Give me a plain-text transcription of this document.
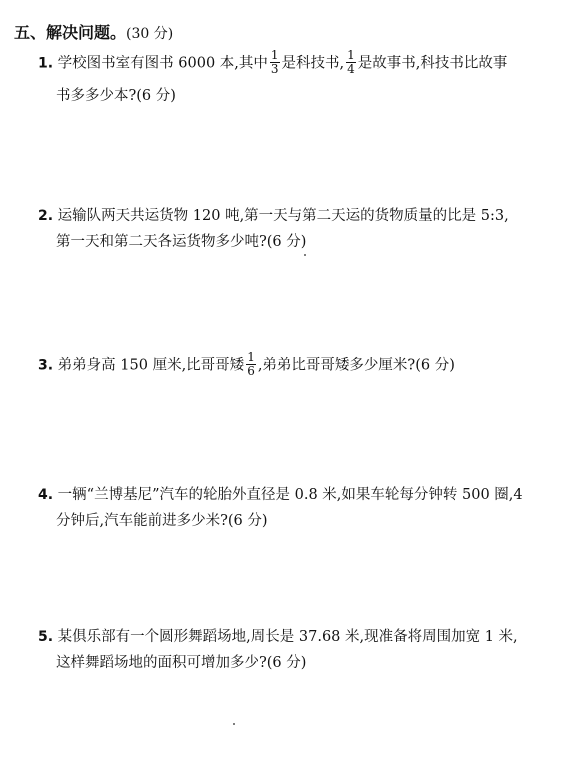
五、解决问题。(30 分)
1. 学校图书室有图书 6000 本,其中 $\frac{1}{3}$ 是科技书, $\frac{1}{4}$ 是故事书,科技书比故事
书多多少本?(6 分)
2. 运输队两天共运货物 120 吨,第一天与第二天运的货物质量的比是 5:3,
第一天和第二天各运货物多少吨?(6 分)
3. 弟弟身高 150 厘米,比哥哥矮 $\frac{1}{6}$ ,弟弟比哥哥矮多少厘米?(6 分)
4. 一辆“兰博基尼”汽车的轮胎外直径是 0.8 米,如果车轮每分钟转 500 圈,4
分钟后,汽车能前进多少米?(6 分)
5. 某俱乐部有一个圆形舞蹈场地,周长是 37.68 米,现准备将周围加宽 1 米,
这样舞蹈场地的面积可增加多少?(6 分)
